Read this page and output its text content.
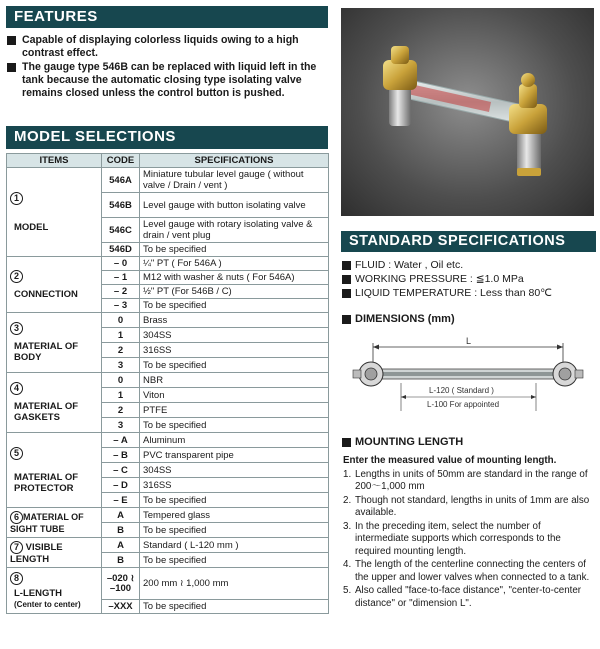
FEATURES
Capable of displaying colorless liquids owing to a high contrast effect.
The gauge type 546B can be replaced with liquid left in the tank because the automatic closing type isolating valve remains closed unless the control button is pushed.
MODEL SELECTIONS
ITEMS	CODE	SPECIFICATIONS
1
MODEL	546A	Miniature tubular level gauge ( without valve / Drain / vent )
	546B	Level gauge with button isolating valve
	546C	Level gauge with rotary isolating valve & drain / vent plug
	546D	To be specified
2
CONNECTION	– 0	¼" PT ( For 546A )
	– 1	M12 with washer & nuts ( For 546A)
	– 2	½" PT (For 546B / C)
	– 3	To be specified
3
MATERIAL OF BODY	0	Brass
	1	304SS
	2	316SS
	3	To be specified
4
MATERIAL OF GASKETS	0	NBR
	1	Viton
	2	PTFE
	3	To be specified
5
MATERIAL OF PROTECTOR	– A	Aluminum
	– B	PVC transparent pipe
	– C	304SS
	– D	316SS
	– E	To be specified
6 MATERIAL OF SIGHT TUBE	A	Tempered glass
	B	To be specified
7 VISIBLE LENGTH	A	Standard ( L-120 mm )
	B	To be specified
8
L-LENGTH
(Center to center)	–020 ≀ –100	200 mm ≀ 1,000 mm
	–XXX	To be specified
STANDARD SPECIFICATIONS
FLUID : Water , Oil etc.
WORKING PRESSURE : ≦1.0 MPa
LIQUID TEMPERATURE : Less than 80℃
DIMENSIONS (mm)
L
L-120 ( Standard )
L-100 For appointed
MOUNTING LENGTH
Enter the measured value of mounting length.
1. Lengths in units of 50mm are standard in the range of 200～1,000 mm
2. Though not standard, lengths in units of 1mm are also available.
3. In the preceding item, select the number of intermediate supports which corresponds to the required mounting length.
4. The length of the centerline connecting the centers of the upper and lower valves when connected to a tank.
5. Also called "face-to-face distance", "center-to-center distance" or "dimension L".
